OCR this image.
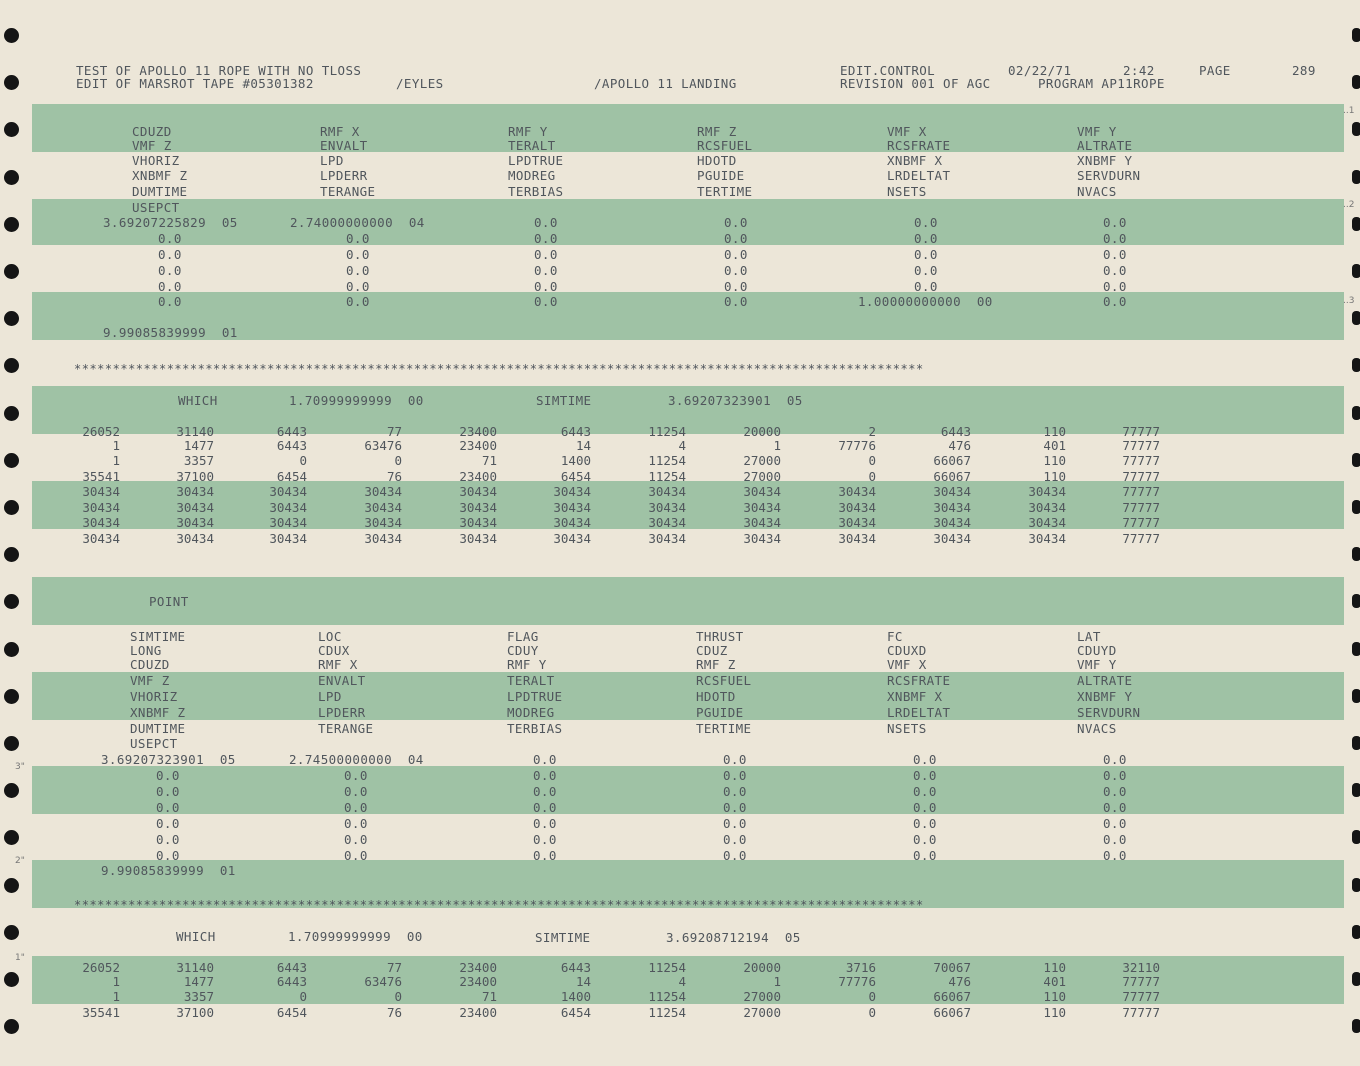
3"
2"
1"
..1
..2
..3
TEST OF APOLLO 11 ROPE WITH NO TLOSS
EDIT OF MARSROT TAPE #05301382	/EYLES	/APOLLO 11 LANDING
EDIT.CONTROL	02/22/71	2:42	PAGE	289
REVISION 001 OF AGC	PROGRAM AP11ROPE
**************************************************************************************************************
**************************************************************************************************************
WHICH	1.70999999999  00	SIMTIME	3.69207323901  05
POINT
WHICH	1.70999999999  00	SIMTIME	3.69208712194  05
CDUZD	RMF X	RMF Y	RMF Z	VMF X	VMF Y
VMF Z	ENVALT	TERALT	RCSFUEL	RCSFRATE	ALTRATE
VHORIZ	LPD	LPDTRUE	HDOTD	XNBMF X	XNBMF Y
XNBMF Z	LPDERR	MODREG	PGUIDE	LRDELTAT	SERVDURN
DUMTIME	TERANGE	TERBIAS	TERTIME	NSETS	NVACS
USEPCT
3.69207225829  05	2.74000000000  04	0.0	0.0	0.0	0.0
0.0	0.0	0.0	0.0	0.0	0.0
0.0	0.0	0.0	0.0	0.0	0.0
0.0	0.0	0.0	0.0	0.0	0.0
0.0	0.0	0.0	0.0	0.0	0.0
0.0	0.0	0.0	0.0	1.00000000000  00	0.0
9.99085839999  01
26052	31140	6443	77	23400	6443	11254	20000	2	6443	110	77777
1	1477	6443	63476	23400	14	4	1	77776	476	401	77777
1	3357	0	0	71	1400	11254	27000	0	66067	110	77777
35541	37100	6454	76	23400	6454	11254	27000	0	66067	110	77777
30434	30434	30434	30434	30434	30434	30434	30434	30434	30434	30434	77777
30434	30434	30434	30434	30434	30434	30434	30434	30434	30434	30434	77777
30434	30434	30434	30434	30434	30434	30434	30434	30434	30434	30434	77777
30434	30434	30434	30434	30434	30434	30434	30434	30434	30434	30434	77777
SIMTIME	LOC	FLAG	THRUST	FC	LAT
LONG	CDUX	CDUY	CDUZ	CDUXD	CDUYD
CDUZD	RMF X	RMF Y	RMF Z	VMF X	VMF Y
VMF Z	ENVALT	TERALT	RCSFUEL	RCSFRATE	ALTRATE
VHORIZ	LPD	LPDTRUE	HDOTD	XNBMF X	XNBMF Y
XNBMF Z	LPDERR	MODREG	PGUIDE	LRDELTAT	SERVDURN
DUMTIME	TERANGE	TERBIAS	TERTIME	NSETS	NVACS
USEPCT
3.69207323901  05	2.74500000000  04	0.0	0.0	0.0	0.0
0.0	0.0	0.0	0.0	0.0	0.0
0.0	0.0	0.0	0.0	0.0	0.0
0.0	0.0	0.0	0.0	0.0	0.0
0.0	0.0	0.0	0.0	0.0	0.0
0.0	0.0	0.0	0.0	0.0	0.0
0.0	0.0	0.0	0.0	0.0	0.0
9.99085839999  01
26052	31140	6443	77	23400	6443	11254	20000	3716	70067	110	32110
1	1477	6443	63476	23400	14	4	1	77776	476	401	77777
1	3357	0	0	71	1400	11254	27000	0	66067	110	77777
35541	37100	6454	76	23400	6454	11254	27000	0	66067	110	77777
